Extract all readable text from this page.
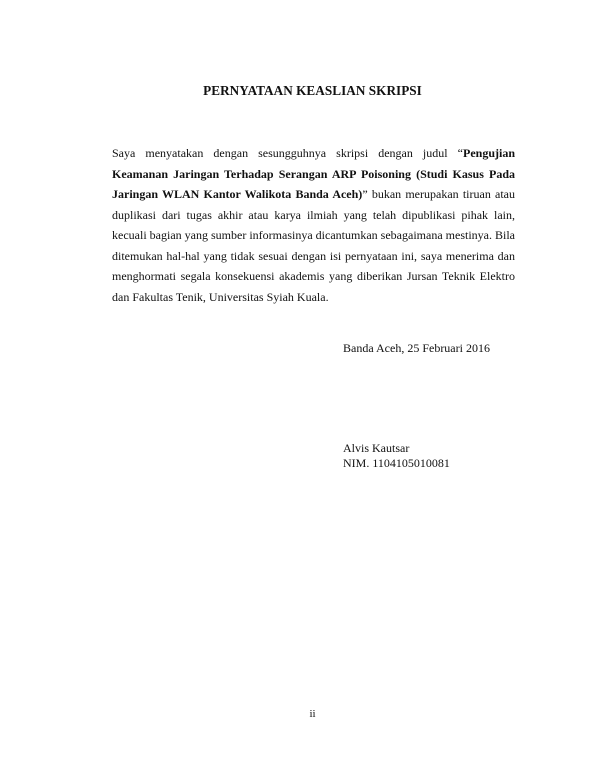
PERNYATAAN KEASLIAN SKRIPSI
Saya menyatakan dengan sesungguhnya skripsi dengan judul “Pengujian Keamanan Jaringan Terhadap Serangan ARP Poisoning (Studi Kasus Pada Jaringan WLAN Kantor Walikota Banda Aceh)” bukan merupakan tiruan atau duplikasi dari tugas akhir atau karya ilmiah yang telah dipublikasi pihak lain, kecuali bagian yang sumber informasinya dicantumkan sebagaimana mestinya. Bila ditemukan hal-hal yang tidak sesuai dengan isi pernyataan ini, saya menerima dan menghormati segala konsekuensi akademis yang diberikan Jursan Teknik Elektro dan Fakultas Tenik, Universitas Syiah Kuala.
Banda Aceh, 25 Februari 2016
Alvis Kautsar
NIM. 1104105010081
ii
